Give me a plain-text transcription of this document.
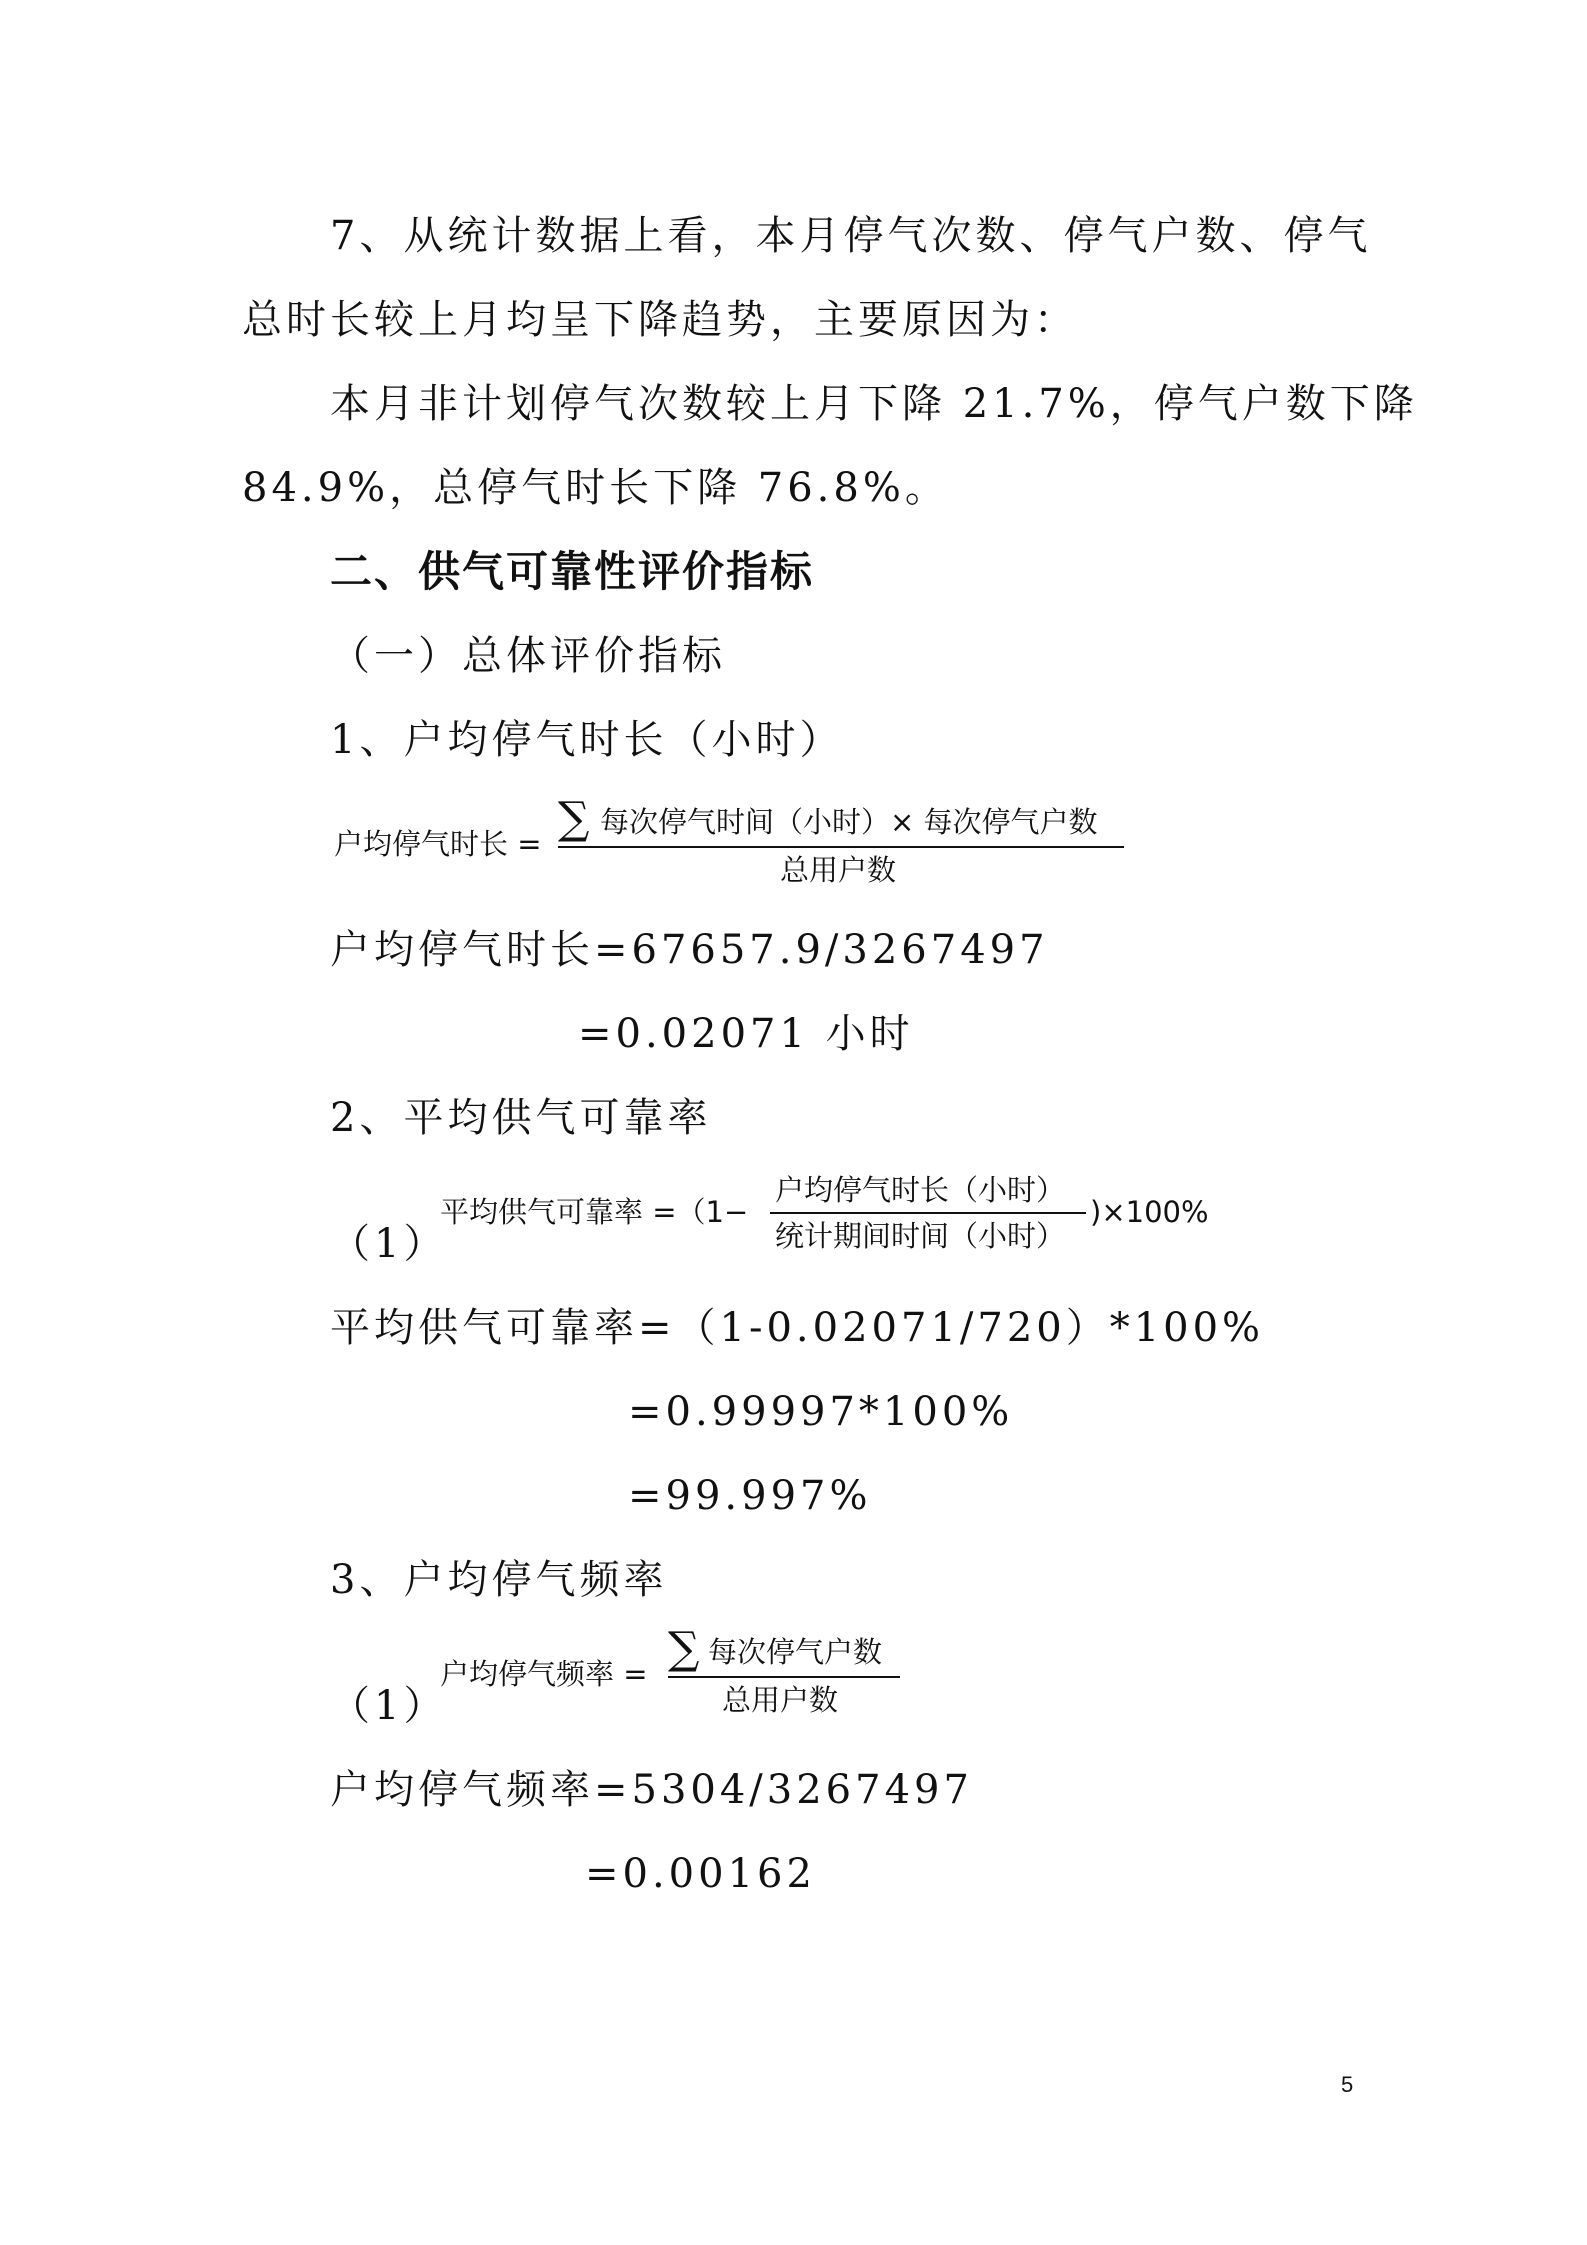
7、从统计数据上看，本月停气次数、停气户数、停气
总时长较上月均呈下降趋势，主要原因为：
本月非计划停气次数较上月下降 21.7%，停气户数下降
84.9%，总停气时长下降 76.8%。
二、供气可靠性评价指标
（一）总体评价指标
1、户均停气时长（小时）
户均停气时长 = ∑ 每次停气时间（小时）× 每次停气户数
总用户数
户均停气时长=67657.9/3267497
=0.02071 小时
2、平均供气可靠率
（1）
平均供气可靠率 =（1−
户均停气时长（小时）
统计期间时间（小时）
)×100%
平均供气可靠率=（1-0.02071/720）*100%
=0.99997*100%
=99.997%
3、户均停气频率
（1）
户均停气频率 = ∑ 每次停气户数
总用户数
户均停气频率=5304/3267497
=0.00162
5
